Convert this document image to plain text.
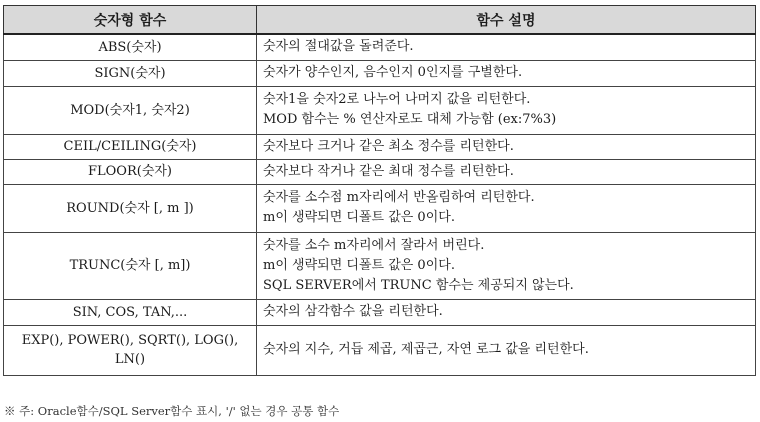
숫자형 함수	함수 설명

ABS(숫자)	숫자의 절대값을 돌려준다.

SIGN(숫자)	숫자가 양수인지, 음수인지 0인지를 구별한다.

MOD(숫자1, 숫자2)	숫자1을 숫자2로 나누어 나머지 값을 리턴한다.
MOD 함수는 % 연산자로도 대체 가능함 (ex:7%3)

CEIL/CEILING(숫자)	숫자보다 크거나 같은 최소 정수를 리턴한다.

FLOOR(숫자)	숫자보다 작거나 같은 최대 정수를 리턴한다.

ROUND(숫자 [, m ])	숫자를 소수점 m자리에서 반올림하여 리턴한다.
m이 생략되면 디폴트 값은 0이다.

TRUNC(숫자 [, m])	숫자를 소수 m자리에서 잘라서 버린다.
m이 생략되면 디폴트 값은 0이다.
SQL SERVER에서 TRUNC 함수는 제공되지 않는다.

SIN, COS, TAN,...	숫자의 삼각함수 값을 리턴한다.

EXP(), POWER(), SQRT(), LOG(),
LN()	숫자의 지수, 거듭 제곱, 제곱근, 자연 로그 값을 리턴한다.
※ 주: Oracle함수/SQL Server함수 표시, '/' 없는 경우 공통 함수
